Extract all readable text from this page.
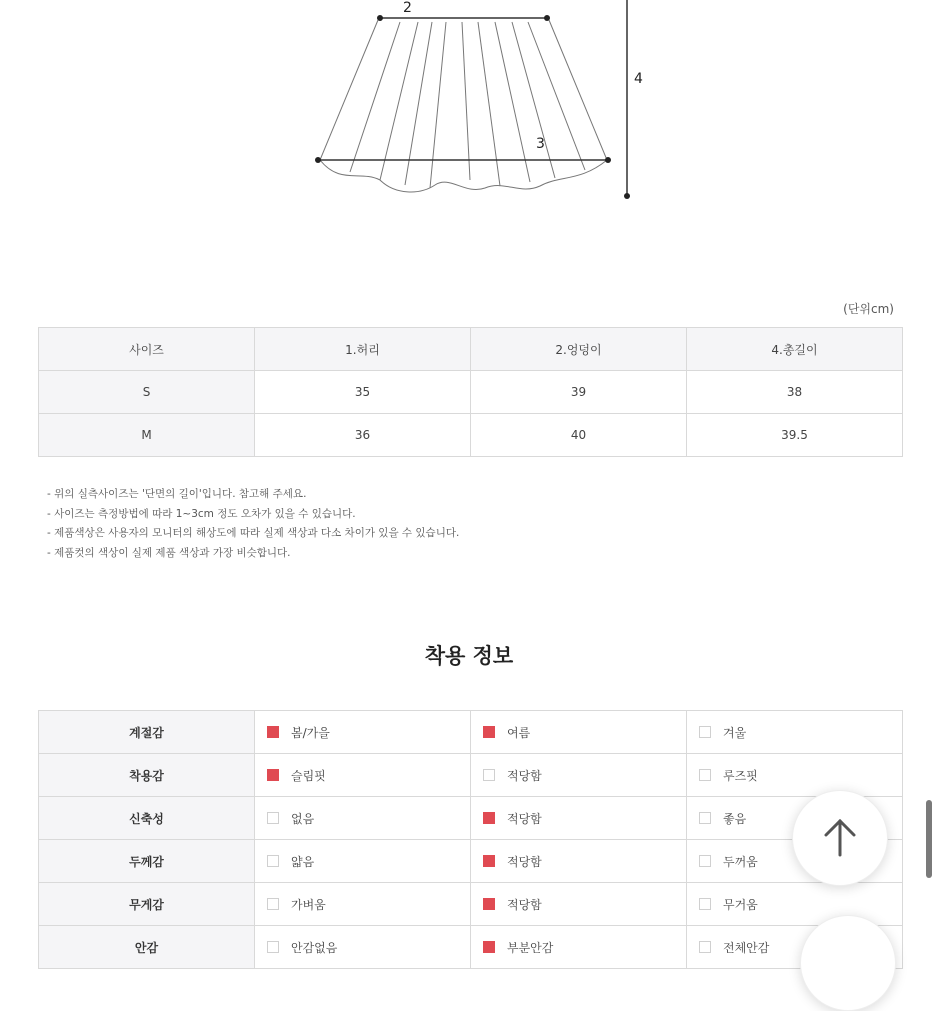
2
3
4
(단위cm)
사이즈	1.허리	2.엉덩이	4.총길이
S	35	39	38
M	36	40	39.5
- 위의 실측사이즈는 '단면의 길이'입니다. 참고해 주세요.
- 사이즈는 측정방법에 따라 1~3cm 정도 오차가 있을 수 있습니다.
- 제품색상은 사용자의 모니터의 해상도에 따라 실제 색상과 다소 차이가 있을 수 있습니다.
- 제품컷의 색상이 실제 제품 색상과 가장 비슷합니다.
착용 정보
계절감	봄/가을	여름	겨울
착용감	슬림핏	적당함	루즈핏
신축성	없음	적당함	좋음
두께감	얇음	적당함	두꺼움
무게감	가벼움	적당함	무거움
안감	안감없음	부분안감	전체안감
